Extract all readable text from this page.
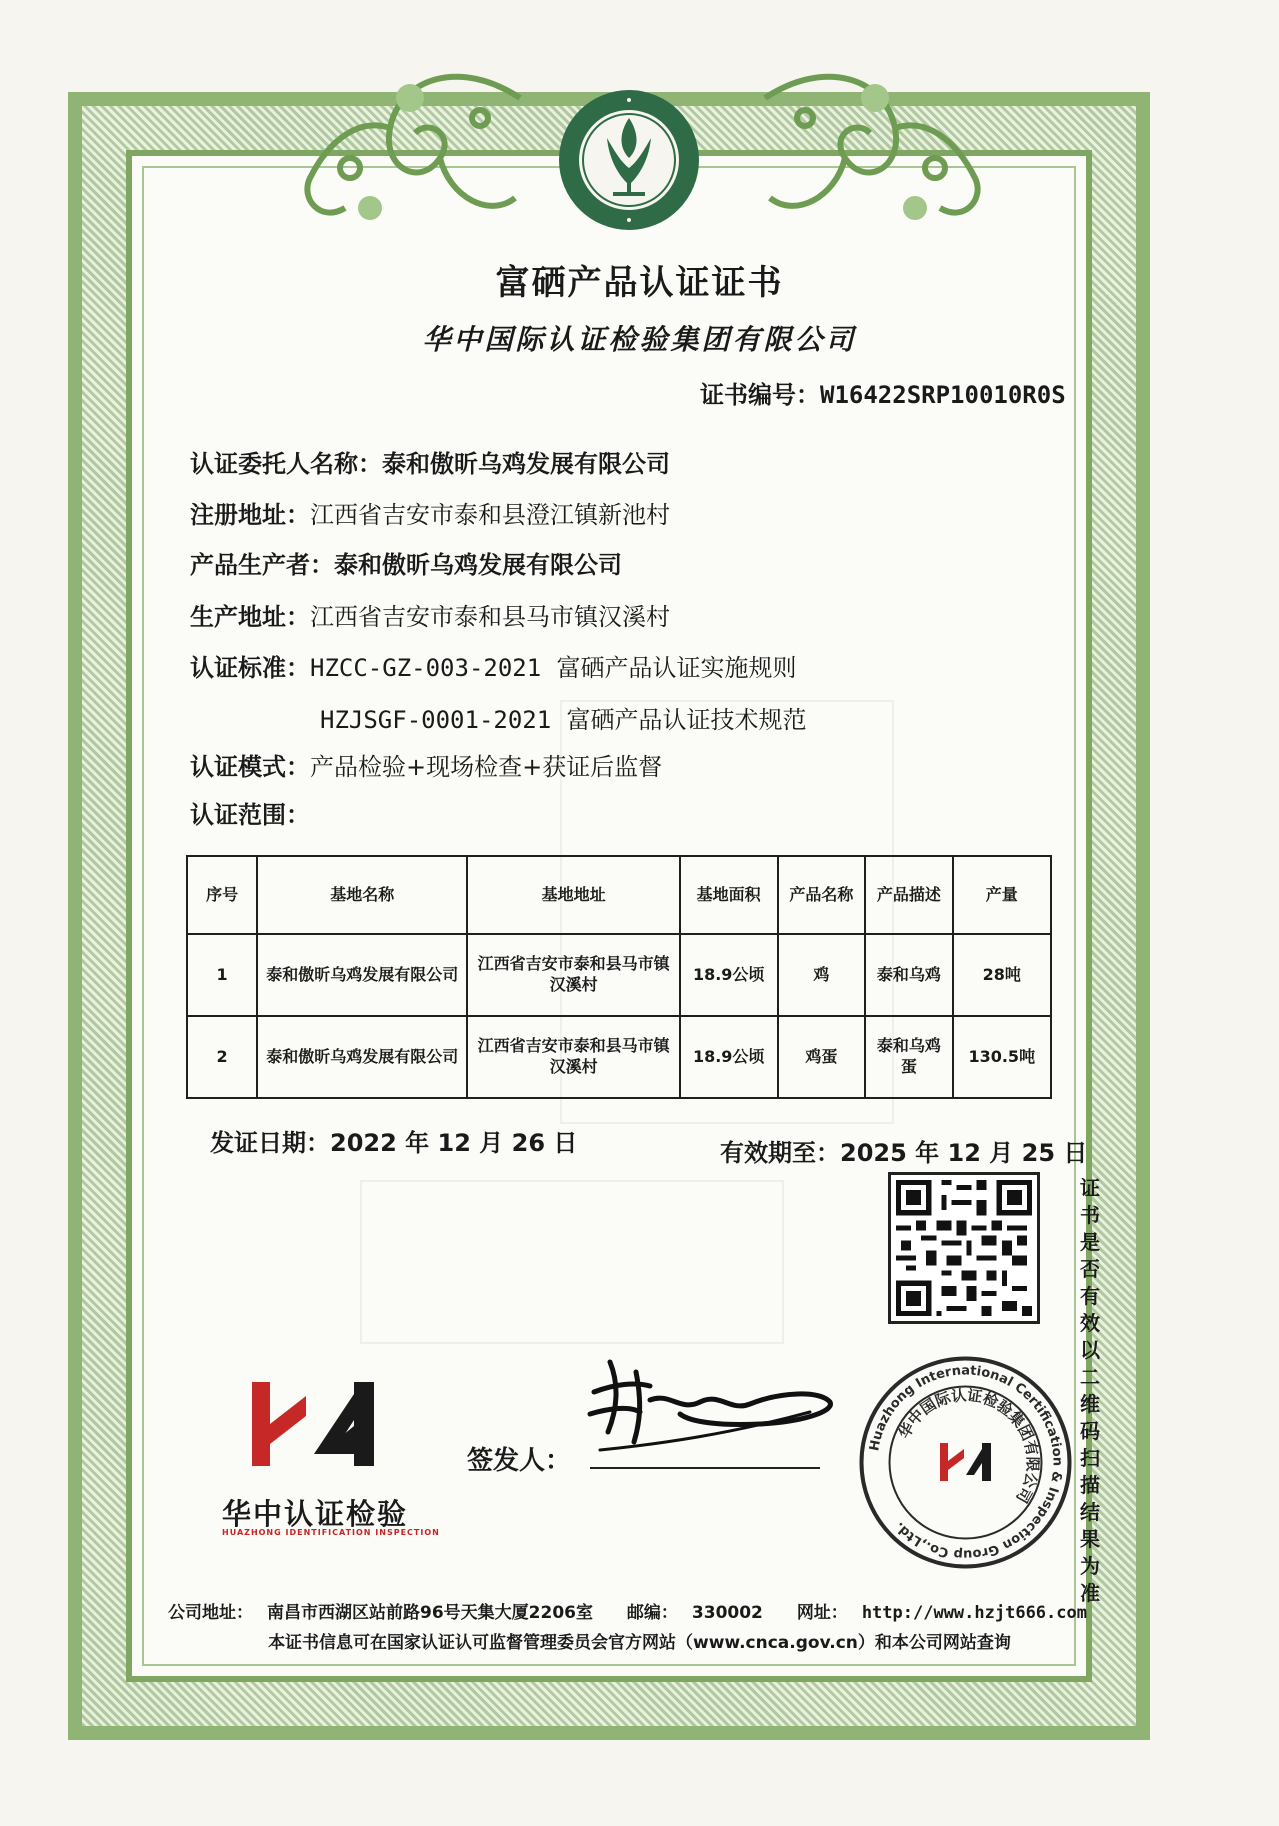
富硒产品认证证书
华中国际认证检验集团有限公司
证书编号：W16422SRP10010R0S
认证委托人名称：泰和傲昕乌鸡发展有限公司
注册地址：江西省吉安市泰和县澄江镇新池村
产品生产者：泰和傲昕乌鸡发展有限公司
生产地址：江西省吉安市泰和县马市镇汉溪村
认证标准：HZCC-GZ-003-2021 富硒产品认证实施规则
HZJSGF-0001-2021 富硒产品认证技术规范
认证模式：产品检验+现场检查+获证后监督
认证范围：
序号	基地名称	基地地址	基地面积	产品名称	产品描述	产量
1	泰和傲昕乌鸡发展有限公司	江西省吉安市泰和县马市镇汉溪村	18.9公顷	鸡	泰和乌鸡	28吨
2	泰和傲昕乌鸡发展有限公司	江西省吉安市泰和县马市镇汉溪村	18.9公顷	鸡蛋	泰和乌鸡蛋	130.5吨
发证日期：2022 年 12 月 26 日	有效期至：2025 年 12 月 25 日
证书是否有效以二维码扫描结果为准
华中认证检验
HUAZHONG IDENTIFICATION INSPECTION
签发人：
Huazhong International Certification & Inspection Group Co.,Ltd.
华中国际认证检验集团有限公司
公司地址： 南昌市西湖区站前路96号天集大厦2206室 邮编： 330002 网址： http://www.hzjt666.com
本证书信息可在国家认证认可监督管理委员会官方网站（www.cnca.gov.cn）和本公司网站查询
